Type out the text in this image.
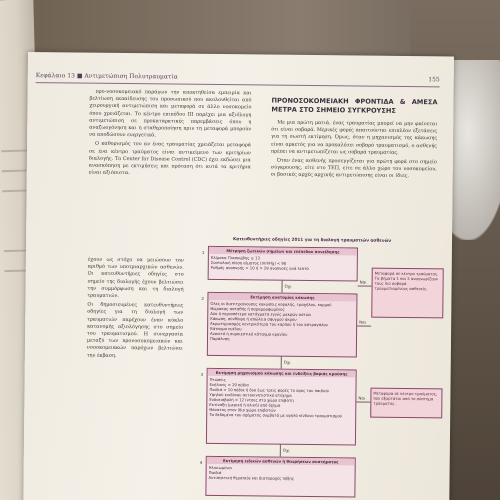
Κεφάλαιο 13 ■ Αντιμετώπιση Πολυτραυματία	155

προ-νοσοκομειακό παράγων την αποκτηθείσα εμπειρία και βελτίωση εκπαίδευσης του προσωπικού που ακολουθείται από χειρουργική αντιμετώπιση και μεταφορά σε άλλο νοσοκομείο όπου χρειάζεται. Το κέντρο επιπέδου III παρέχει μια αξιόλογη αντιμετώπιση σε προκαταρκτικές παρεμβάσεις όπου η αναζωογόνηση και η σταθεροποίηση πριν τη μεταφορά μπορούν να αποδώσουν ευεργετικά.

Ο καθορισμός του αν ένας τραυματίας χρειάζεται μεταφορά σε ένα κέντρο τραύματος είναι αντικείμενο των κριτηρίων διαλογής. Το Center for Disease Control (CDC) έχει εκδώσει μια ανασκόπηση με εκτιμήσεις και πρόταση ότι αυτά τα κριτήρια είναι αξιόπιστα.

ΠΡΟΝΟΣΟΚΟΜΕΙΑΚΗ ΦΡΟΝΤΙΔΑ & ΑΜΕΣΑ ΜΕΤΡΑ ΣΤΟ ΣΗΜΕΙΟ ΣΥΓΚΡΟΥΣΗΣ

Με μια πρώτη ματιά, ένας τραυματίας μπορεί να μην φαίνεται ότι είναι σοβαρά. Μερικές φορές απαιτούνται επιπλέον εξετάσεις για τη σωστή εκτίμηση. Όμως, όταν η μηχανισμός της κάκωσης είναι αρκετός για να προκαλέσει σοβαρό τραυματισμό, ο ασθενής πρέπει να αντιμετωπίζεται ως σοβαρά τραυματίας.

Όταν ένας ασθενής προσεγγίζεται για πρώτη φορά στο σημείο σύγκρουσης, είτε στο ΤΕΠ, είτε σε άλλο χώρο του νοσοκομείου, οι βασικές αρχές αρχικής αντιμετώπισης είναι οι ίδιες.

έχουν ως στόχο να μειώσουν τον αριθμό των υποτριαρχικών ασθενών. Οι κατευθυντήριες οδηγίες στο σημείο της διαλογής έχουν βελτιώσει την συμμόρφωση και τη διαλογή τραυματιών.

Οι δημοσιευμένες κατευθυντήριες οδηγίες για τη διαλογή των τραυματιών παρέχουν έναν κύκλο κατανομής αξιολόγησης στο σημείο του τραυματισμού. Η συνεργασία μεταξύ των προνοσοκομειακών και νοσοκομειακών παρόχων βελτιώνει την έκβαση.

Κατευθυντήριες οδηγίες 2011 για τη διαλογή τραυματιών ασθενών
1	Μέτρηση ζωτικών σημείων και επίπεδου συνείδησης
Κλίμακα Γλασκώβης ≤ 13
Συστολική πίεση αίματος (mmHg) < 90
Ρυθμός αναπνοής < 10 ή > 29 αναπνοές ανά λεπτό
Όχι
2	Εκτίμηση ανατομίας κάκωσης
Όλες οι διατιτραίνουσες κακώσεις κεφαλής, τραχήλου, κορμού
Θώρακας ασταθής ή παραμορφωμένος
Δύο ή περισσότερα κατάγματα εγγύς μακρών οστών
Κάκωση, σύνθλιψη ή απώλεια σφυγμού άκρου
Ακρωτηριασμός κεντρικότερα του καρπού ή του αστραγάλου
Κάταγμα πυέλου
Ανοικτό ή συμπιεστικό κάταγμα κρανίου
Παράλυση
Ναι
Μεταφορά σε κέντρο τραύματος. Τα βήματα 1 και 2 αναγνωρίζουν τους πιο σοβαρά τραυματισμένους ασθενείς.
Ναι
Όχι
3	Εκτίμηση μηχανισμού κάκωσης και ενδείξεις βαριάς κρούσης
Πτώσεις
Ενήλικες > 20 πόδια
Παιδιά > 10 πόδια ή δυο έως τρεις φορές το ύψος του παιδιού
Υψηλού κινδύνου αυτοκινητιστικό ατύχημα
Ενδοεισβολή > 12 ίντσες στο χώρο επιβάτη
Εκτίναξη (μερική ή ολική) από όχημα
Θάνατος στον ίδιο χώρο επιβατών
Τα δεδομένα του οχήματος συμβατά με υψηλό κίνδυνο τραυματισμού
Ναι
Μεταφορά σε κέντρο τραύματος, που εξαρτάται από το σύστημα τραύματος.
Όχι
4	Εκτίμηση ειδικών ασθενών ή θεωρήσεων συστήματος
Ηλικιωμένοι
Παιδιά
Αντιπηκτική θεραπεία και διαταραχές πήξης
